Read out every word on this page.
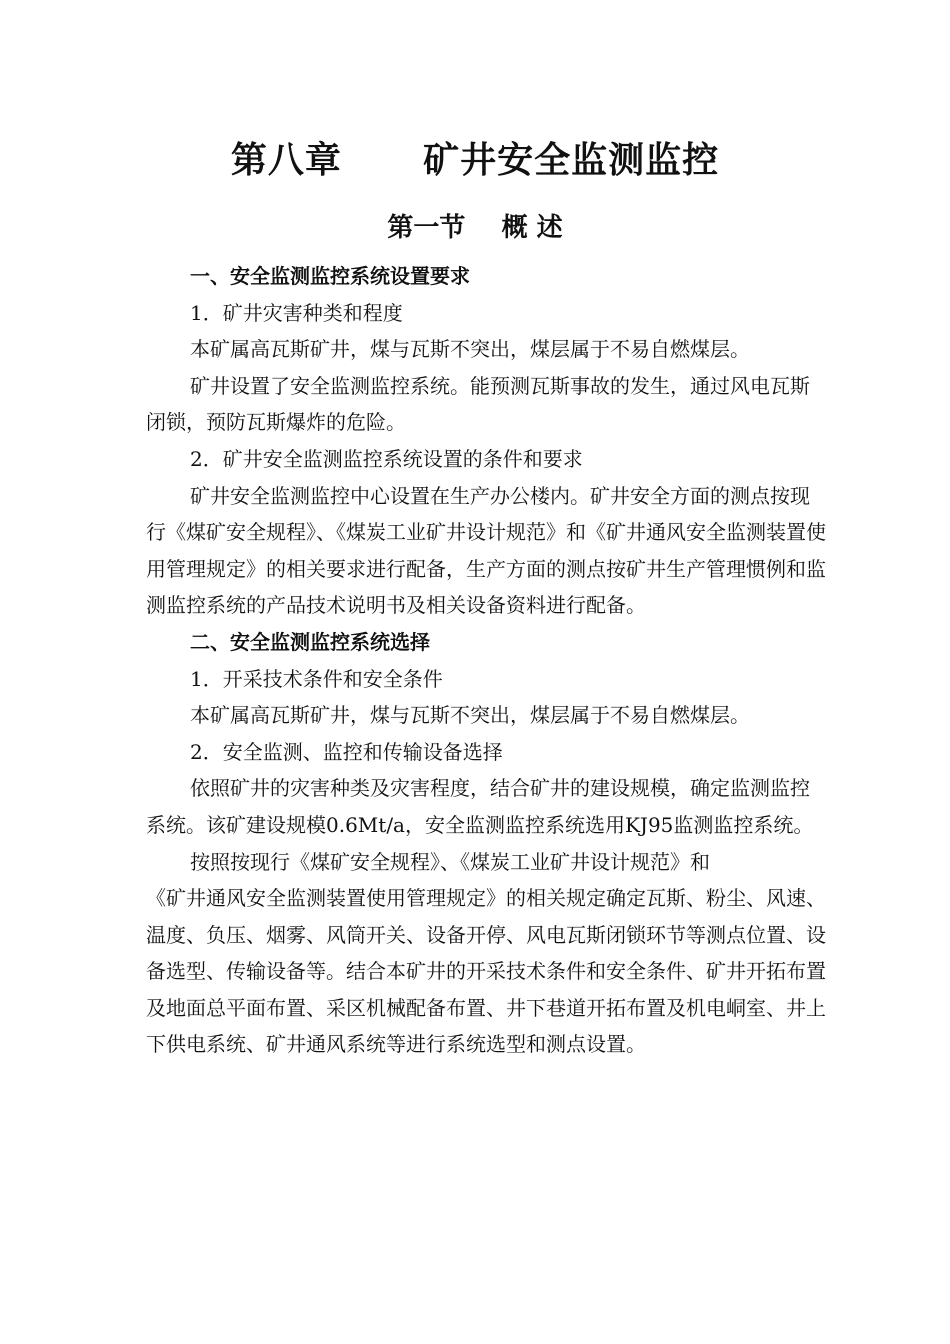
第八章      矿井安全监测监控
第一节    概 述

一、安全监测监控系统设置要求

1．矿井灾害种类和程度

本矿属高瓦斯矿井，煤与瓦斯不突出，煤层属于不易自燃煤层。

矿井设置了安全监测监控系统。能预测瓦斯事故的发生，通过风电瓦斯闭锁，预防瓦斯爆炸的危险。

2．矿井安全监测监控系统设置的条件和要求

矿井安全监测监控中心设置在生产办公楼内。矿井安全方面的测点按现行《煤矿安全规程》、《煤炭工业矿井设计规范》和《矿井通风安全监测装置使用管理规定》的相关要求进行配备，生产方面的测点按矿井生产管理惯例和监测监控系统的产品技术说明书及相关设备资料进行配备。

二、安全监测监控系统选择

1．开采技术条件和安全条件

本矿属高瓦斯矿井，煤与瓦斯不突出，煤层属于不易自燃煤层。

2．安全监测、监控和传输设备选择

依照矿井的灾害种类及灾害程度，结合矿井的建设规模，确定监测监控系统。该矿建设规模0.6Mt/a，安全监测监控系统选用KJ95监测监控系统。

按照按现行《煤矿安全规程》、《煤炭工业矿井设计规范》和

《矿井通风安全监测装置使用管理规定》的相关规定确定瓦斯、粉尘、风速、温度、负压、烟雾、风筒开关、设备开停、风电瓦斯闭锁环节等测点位置、设备选型、传输设备等。结合本矿井的开采技术条件和安全条件、矿井开拓布置及地面总平面布置、采区机械配备布置、井下巷道开拓布置及机电峒室、井上下供电系统、矿井通风系统等进行系统选型和测点设置。
